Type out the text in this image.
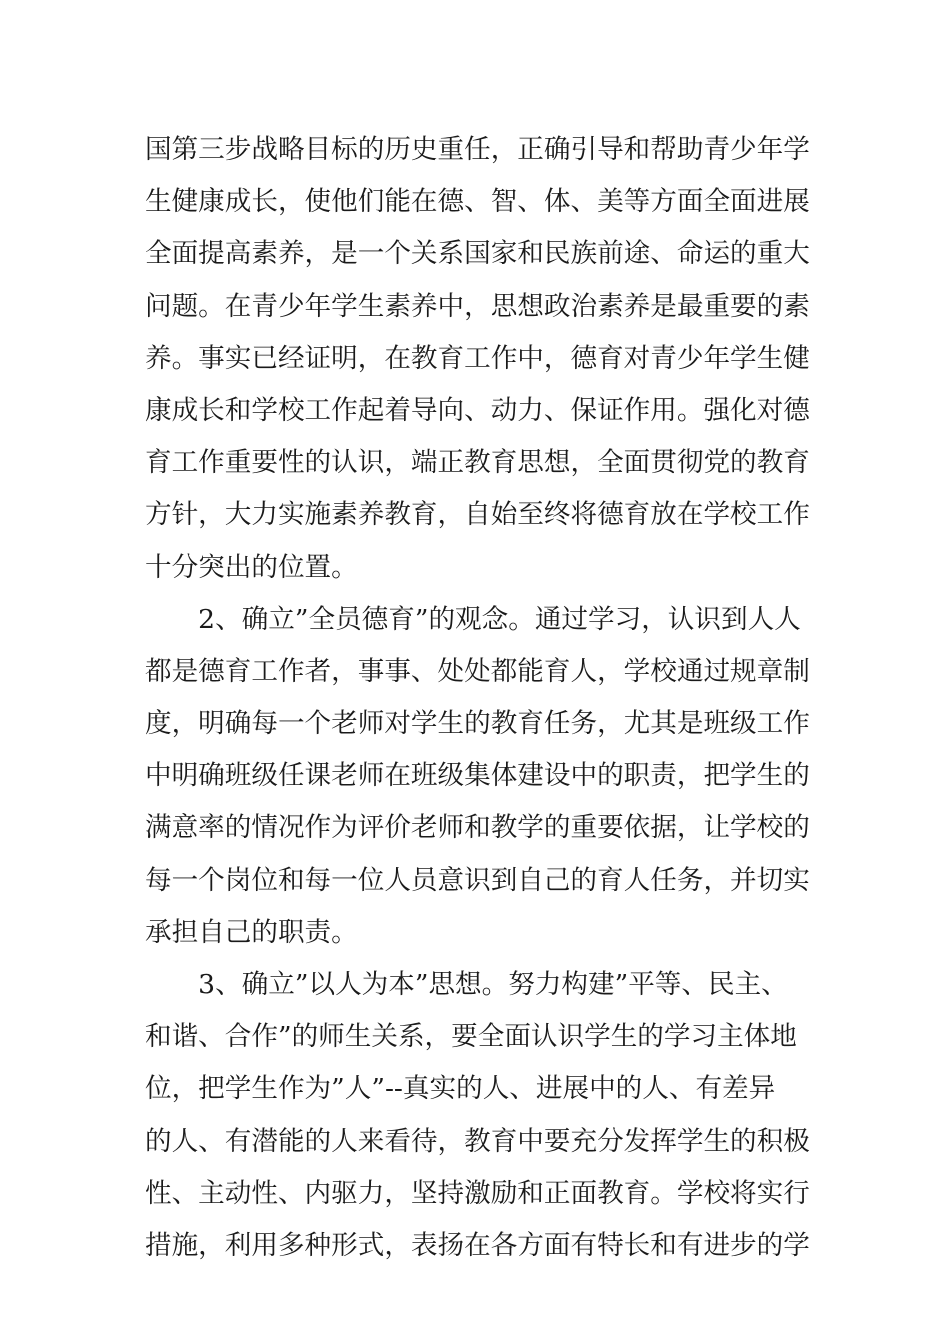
国第三步战略目标的历史重任，正确引导和帮助青少年学
生健康成长，使他们能在德、智、体、美等方面全面进展
全面提高素养，是一个关系国家和民族前途、命运的重大
问题。在青少年学生素养中，思想政治素养是最重要的素
养。事实已经证明，在教育工作中，德育对青少年学生健
康成长和学校工作起着导向、动力、保证作用。强化对德
育工作重要性的认识，端正教育思想，全面贯彻党的教育
方针，大力实施素养教育，自始至终将德育放在学校工作
十分突出的位置。
　　2、确立”全员德育”的观念。通过学习，认识到人人
都是德育工作者，事事、处处都能育人，学校通过规章制
度，明确每一个老师对学生的教育任务，尤其是班级工作
中明确班级任课老师在班级集体建设中的职责，把学生的
满意率的情况作为评价老师和教学的重要依据，让学校的
每一个岗位和每一位人员意识到自己的育人任务，并切实
承担自己的职责。
　　3、确立”以人为本”思想。努力构建”平等、民主、
和谐、合作”的师生关系，要全面认识学生的学习主体地
位，把学生作为”人”--真实的人、进展中的人、有差异
的人、有潜能的人来看待，教育中要充分发挥学生的积极
性、主动性、内驱力，坚持激励和正面教育。学校将实行
措施，利用多种形式，表扬在各方面有特长和有进步的学
